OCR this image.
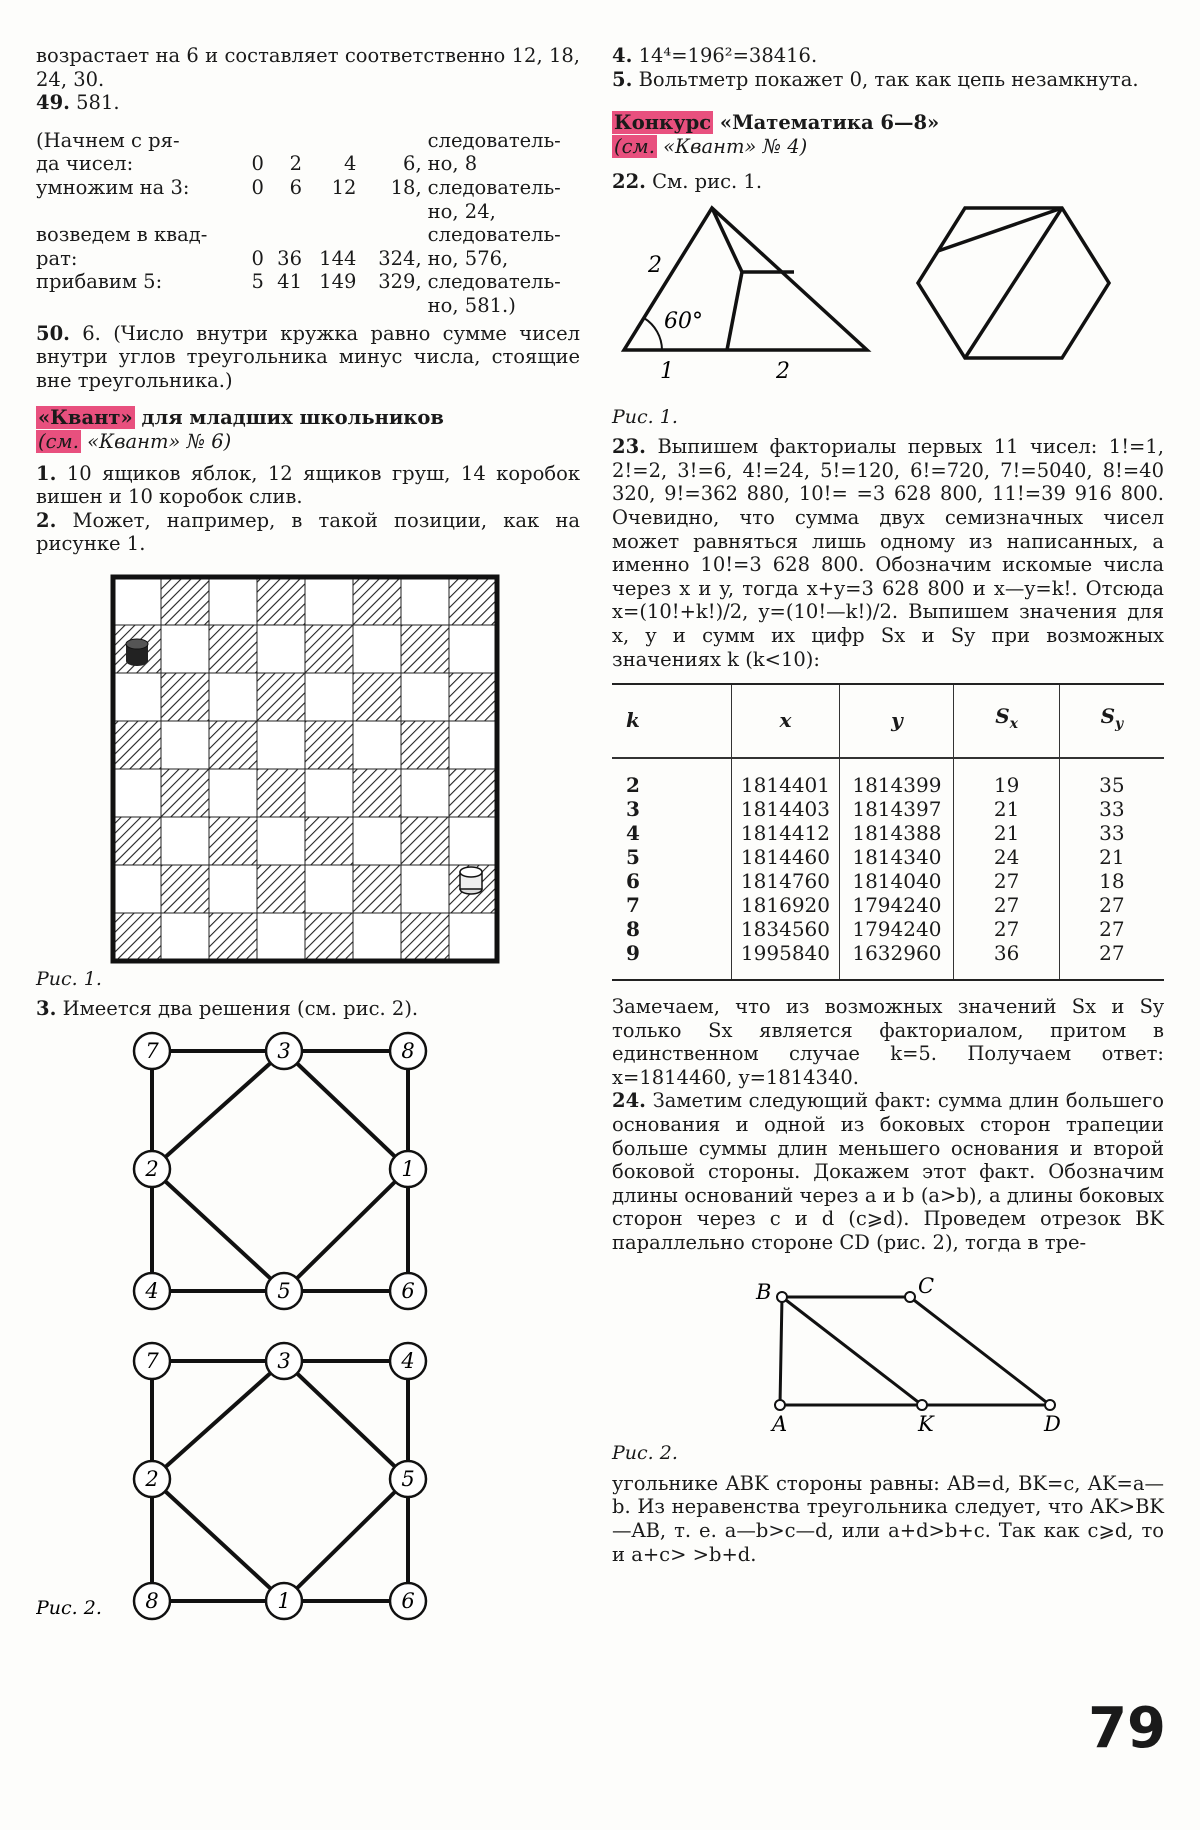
возрастает на 6 и составляет соответственно 12, 18, 24, 30.

49. 581.

(Начнем с ря-					следователь-
да чисел:	0	2	4	6,	но, 8
умножим на 3:	0	6	12	18,	следователь-
					но, 24,
возведем в квад-					следователь-
рат:	0	36	144	324,	но, 576,
прибавим 5:	5	41	149	329,	следователь-
					но, 581.)

50. 6. (Число внутри кружка равно сумме чисел внутри углов треугольника минус числа, стоящие вне треугольника.)

«Квант» для младших школьников
(см. «Квант» № 6)

1. 10 ящиков яблок, 12 ящиков груш, 14 коробок вишен и 10 коробок слив.

2. Может, например, в такой позиции, как на рисунке 1.

Рис. 1.

3. Имеется два решения (см. рис. 2).

7	3	8
2	1
4	5	6
7	3	4
2	5
8	1	6
Рис. 2.

4. 14⁴=196²=38416.

5. Вольтметр покажет 0, так как цепь незамкнута.

Конкурс «Математика 6—8»
(см. «Квант» № 4)

22. См. рис. 1.

2
60°
1	2

Рис. 1.

23. Выпишем факториалы первых 11 чисел: 1!=1, 2!=2, 3!=6, 4!=24, 5!=120, 6!=720, 7!=5040, 8!=40 320, 9!=362 880, 10!= =3 628 800, 11!=39 916 800. Очевидно, что сумма двух семизначных чисел может равняться лишь одному из написанных, а именно 10!=3 628 800. Обозначим искомые числа через x и y, тогда x+y=3 628 800 и x—y=k!. Отсюда x=(10!+k!)/2, y=(10!—k!)/2. Выпишем значения для x, y и сумм их цифр Sx и Sy при возможных значениях k (k<10):

k	x	y	$S_x$	$S_y$

2	1814401	1814399	19	35
3	1814403	1814397	21	33
4	1814412	1814388	21	33
5	1814460	1814340	24	21
6	1814760	1814040	27	18
7	1816920	1794240	27	27
8	1834560	1794240	27	27
9	1995840	1632960	36	27

Замечаем, что из возможных значений Sx и Sy только Sx является факториалом, притом в единственном случае k=5. Получаем ответ: x=1814460, y=1814340.

24. Заметим следующий факт: сумма длин большего основания и одной из боковых сторон трапеции больше суммы длин меньшего основания и второй боковой стороны. Докажем этот факт. Обозначим длины оснований через a и b (a>b), а длины боковых сторон через c и d (c⩾d). Проведем отрезок BK параллельно стороне CD (рис. 2), тогда в тре-

B	C
A	K	D

Рис. 2.

угольнике ABK стороны равны: AB=d, BK=c, AK=a—b. Из неравенства треугольника следует, что AK>BK—AB, т. е. a—b>c—d, или a+d>b+c. Так как c⩾d, то и a+c> >b+d.

79
